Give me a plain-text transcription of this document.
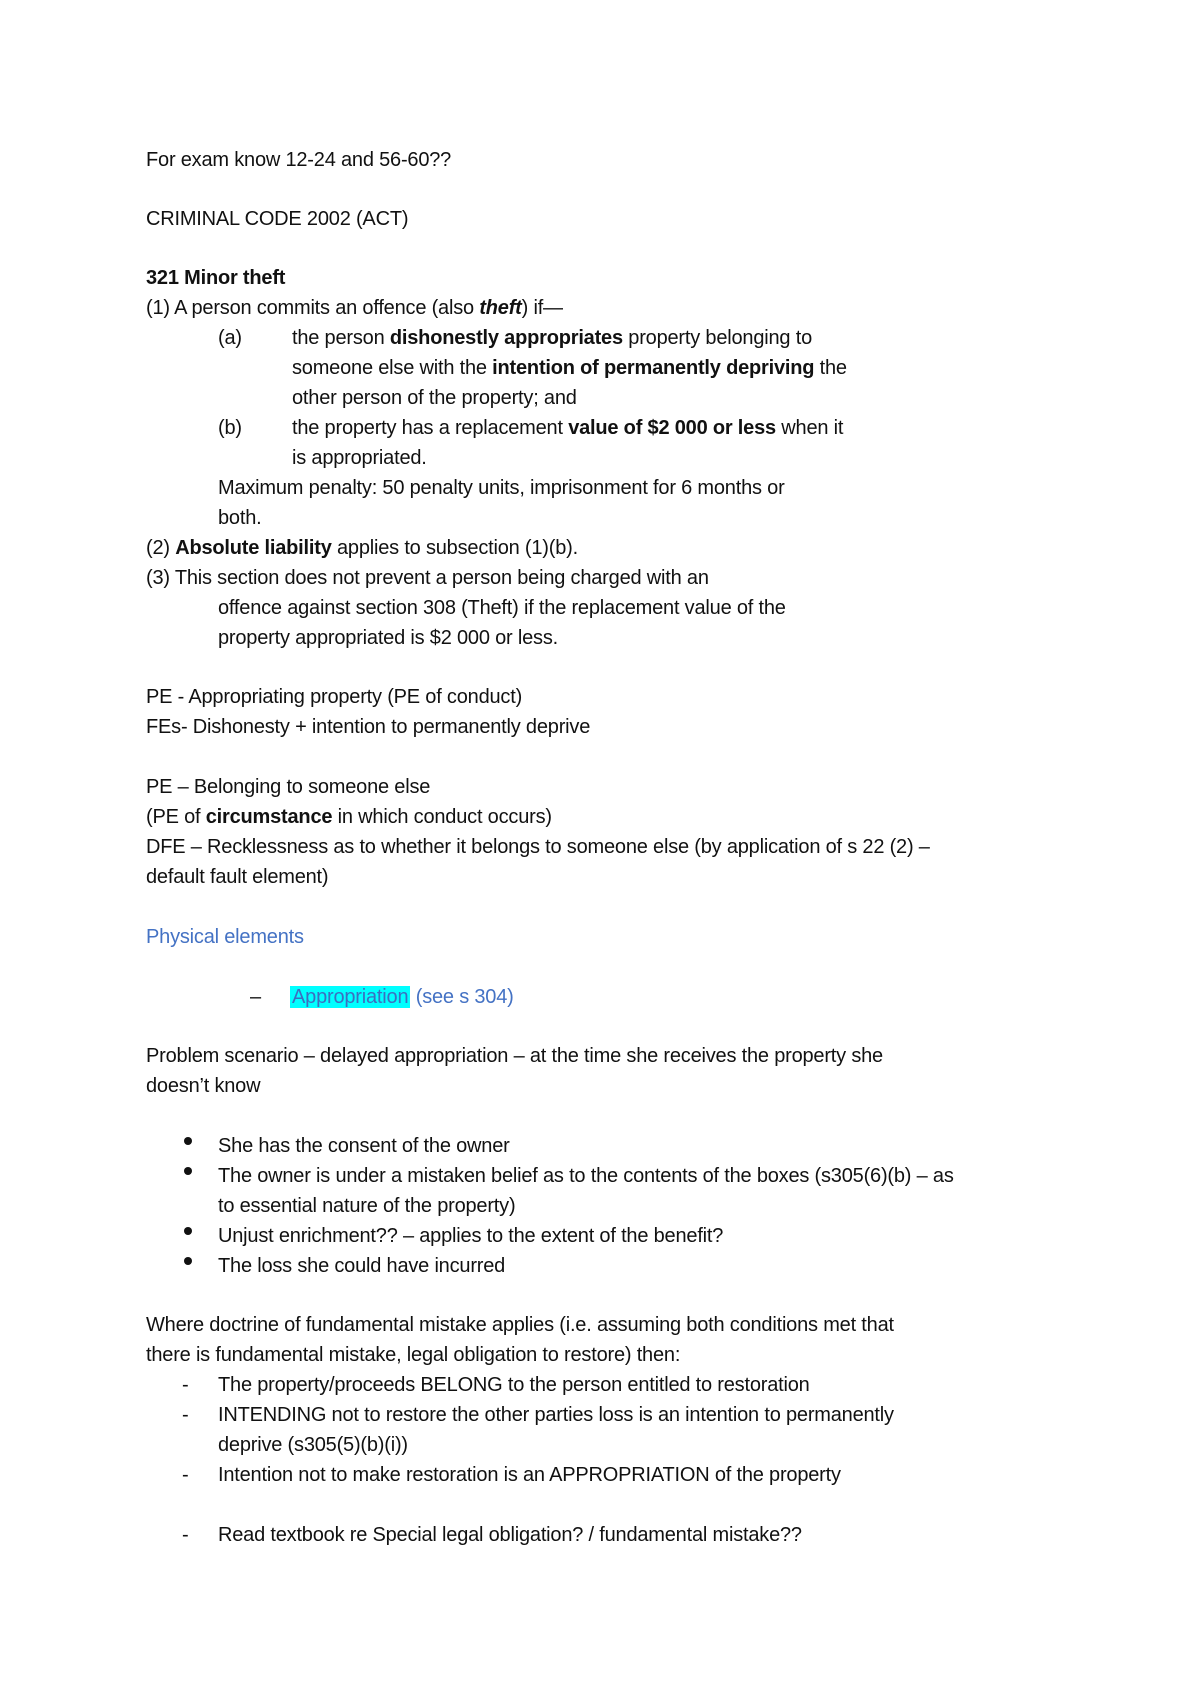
For exam know 12-24 and 56-60??
CRIMINAL CODE 2002 (ACT)
321 Minor theft
(1) A person commits an offence (also theft) if—
(a)	the person dishonestly appropriates property belonging to
someone else with the intention of permanently depriving the
other person of the property; and
(b)	the property has a replacement value of $2 000 or less when it
is appropriated.
Maximum penalty: 50 penalty units, imprisonment for 6 months or
both.
(2) Absolute liability applies to subsection (1)(b).
(3) This section does not prevent a person being charged with an
offence against section 308 (Theft) if the replacement value of the
property appropriated is $2 000 or less.
PE - Appropriating property (PE of conduct)
FEs- Dishonesty + intention to permanently deprive
PE – Belonging to someone else
(PE of circumstance in which conduct occurs)
DFE – Recklessness as to whether it belongs to someone else (by application of s 22 (2) –
default fault element)
Physical elements
– Appropriation (see s 304)
Problem scenario – delayed appropriation – at the time she receives the property she
doesn’t know
She has the consent of the owner
The owner is under a mistaken belief as to the contents of the boxes (s305(6)(b) – as
to essential nature of the property)
Unjust enrichment?? – applies to the extent of the benefit?
The loss she could have incurred
Where doctrine of fundamental mistake applies (i.e. assuming both conditions met that
there is fundamental mistake, legal obligation to restore) then:
- The property/proceeds BELONG to the person entitled to restoration
- INTENDING not to restore the other parties loss is an intention to permanently
deprive (s305(5)(b)(i))
- Intention not to make restoration is an APPROPRIATION of the property
- Read textbook re Special legal obligation? / fundamental mistake??
